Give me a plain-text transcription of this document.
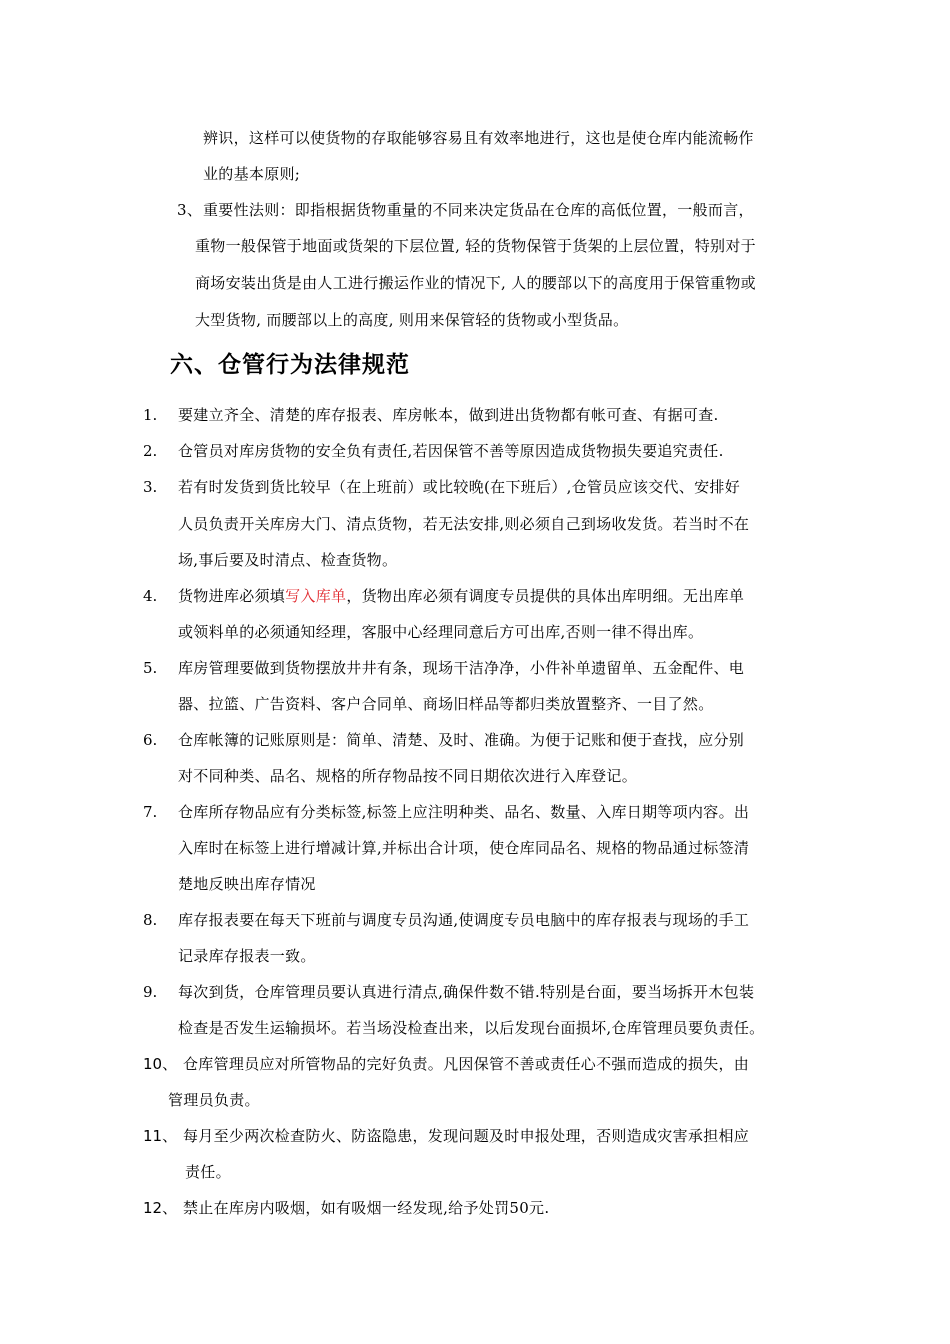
辨识，这样可以使货物的存取能够容易且有效率地进行，这也是使仓库内能流畅作
业的基本原则;
3、 重要性法则：即指根据货物重量的不同来决定货品在仓库的高低位置，一般而言，
重物一般保管于地面或货架的下层位置, 轻的货物保管于货架的上层位置，特别对于
商场安装出货是由人工进行搬运作业的情况下, 人的腰部以下的高度用于保管重物或
大型货物, 而腰部以上的高度, 则用来保管轻的货物或小型货品。
六、仓管行为法律规范
1. 要建立齐全、清楚的库存报表、库房帐本，做到进出货物都有帐可查、有据可查.
2. 仓管员对库房货物的安全负有责任,若因保管不善等原因造成货物损失要追究责任.
3. 若有时发货到货比较早（在上班前）或比较晚(在下班后）,仓管员应该交代、安排好
人员负责开关库房大门、清点货物，若无法安排,则必须自己到场收发货。若当时不在
场,事后要及时清点、检查货物。
4. 货物进库必须填写入库单，货物出库必须有调度专员提供的具体出库明细。无出库单
或领料单的必须通知经理，客服中心经理同意后方可出库,否则一律不得出库。
5. 库房管理要做到货物摆放井井有条，现场干洁净净，小件补单遗留单、五金配件、电
器、拉篮、广告资料、客户合同单、商场旧样品等都归类放置整齐、一目了然。
6. 仓库帐簿的记账原则是：简单、清楚、及时、准确。为便于记账和便于查找，应分别
对不同种类、品名、规格的所存物品按不同日期依次进行入库登记。
7. 仓库所存物品应有分类标签,标签上应注明种类、品名、数量、入库日期等项内容。出
入库时在标签上进行增减计算,并标出合计项，使仓库同品名、规格的物品通过标签清
楚地反映出库存情况
8. 库存报表要在每天下班前与调度专员沟通,使调度专员电脑中的库存报表与现场的手工
记录库存报表一致。
9. 每次到货，仓库管理员要认真进行清点,确保件数不错.特别是台面，要当场拆开木包装
检查是否发生运输损坏。若当场没检查出来，以后发现台面损坏,仓库管理员要负责任。
10、 仓库管理员应对所管物品的完好负责。凡因保管不善或责任心不强而造成的损失，由
管理员负责。
11、 每月至少两次检查防火、防盗隐患，发现问题及时申报处理，否则造成灾害承担相应
责任。
12、 禁止在库房内吸烟，如有吸烟一经发现,给予处罚50元.
